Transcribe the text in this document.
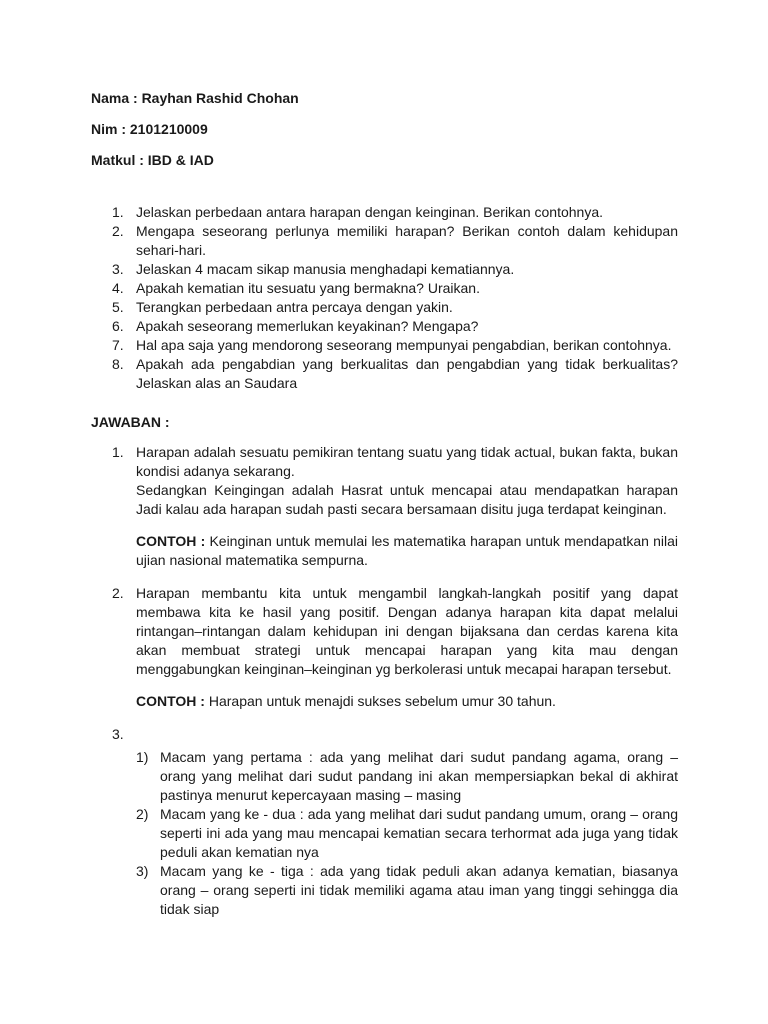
Nama : Rayhan Rashid Chohan
Nim : 2101210009
Matkul : IBD & IAD
1. Jelaskan perbedaan antara harapan dengan keinginan. Berikan contohnya.
2. Mengapa seseorang perlunya memiliki harapan? Berikan contoh dalam kehidupan sehari-hari.
3. Jelaskan 4 macam sikap manusia menghadapi kematiannya.
4. Apakah kematian itu sesuatu yang bermakna? Uraikan.
5. Terangkan perbedaan antra percaya dengan yakin.
6. Apakah seseorang memerlukan keyakinan? Mengapa?
7. Hal apa saja yang mendorong seseorang mempunyai pengabdian, berikan contohnya.
8. Apakah ada pengabdian yang berkualitas dan pengabdian yang tidak berkualitas? Jelaskan alas an Saudara
JAWABAN :
1. Harapan adalah sesuatu pemikiran tentang suatu yang tidak actual, bukan fakta, bukan kondisi adanya sekarang.

Sedangkan Keingingan adalah Hasrat untuk mencapai atau mendapatkan harapan Jadi kalau ada harapan sudah pasti secara bersamaan disitu juga terdapat keinginan.

CONTOH : Keinginan untuk memulai les matematika harapan untuk mendapatkan nilai ujian nasional matematika sempurna.

2. Harapan membantu kita untuk mengambil langkah-langkah positif yang dapat membawa kita ke hasil yang positif. Dengan adanya harapan kita dapat melalui rintangan–rintangan dalam kehidupan ini dengan bijaksana dan cerdas karena kita akan membuat strategi untuk mencapai harapan yang kita mau dengan menggabungkan keinginan–keinginan yg berkolerasi untuk mecapai harapan tersebut.

CONTOH : Harapan untuk menajdi sukses sebelum umur 30 tahun.

3.
1) Macam yang pertama : ada yang melihat dari sudut pandang agama, orang – orang yang melihat dari sudut pandang ini akan mempersiapkan bekal di akhirat pastinya menurut kepercayaan masing – masing
2) Macam yang ke - dua : ada yang melihat dari sudut pandang umum, orang – orang seperti ini ada yang mau mencapai kematian secara terhormat ada juga yang tidak peduli akan kematian nya
3) Macam yang ke - tiga : ada yang tidak peduli akan adanya kematian, biasanya orang – orang seperti ini tidak memiliki agama atau iman yang tinggi sehingga dia tidak siap
